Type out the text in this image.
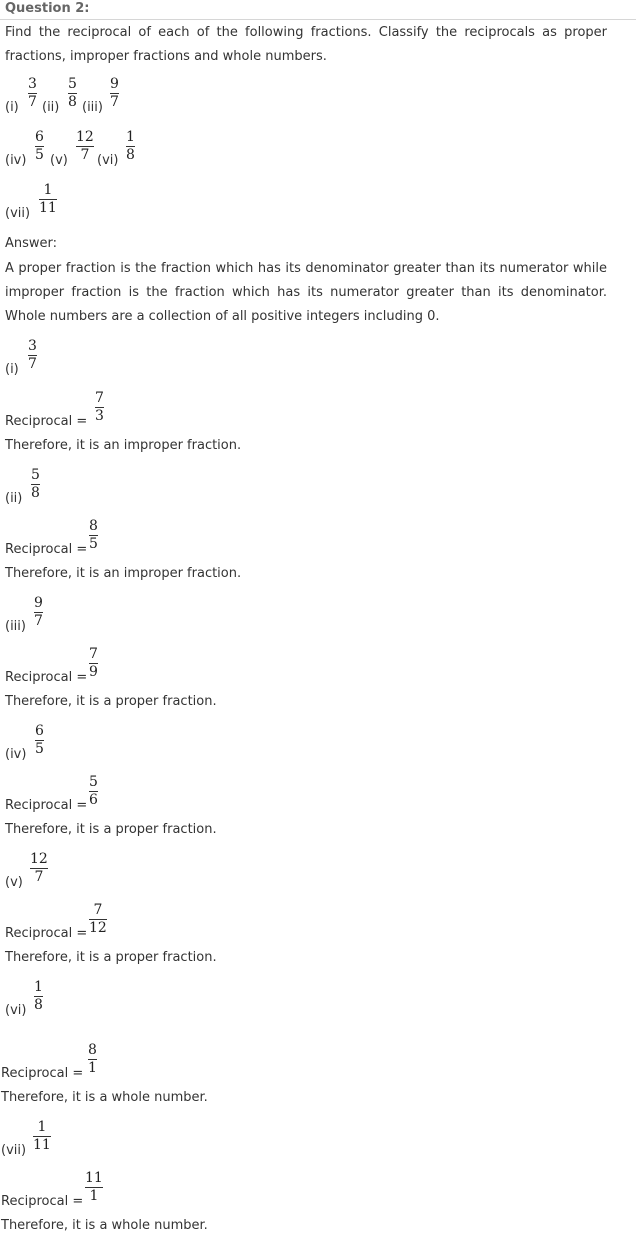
Question 2:
Find the reciprocal of each of the following fractions. Classify the reciprocals as proper fractions, improper fractions and whole numbers.
(i)
3
7 (ii)
5
8 (iii)
9
7
(iv)
6
5 (v)
12
7 (vi)
1
8
(vii)
1
11
Answer:
A proper fraction is the fraction which has its denominator greater than its numerator while improper fraction is the fraction which has its numerator greater than its denominator. Whole numbers are a collection of all positive integers including 0.
(i)
3
7
Reciprocal =
7
3
Therefore, it is an improper fraction.
(ii)
5
8
Reciprocal =
8
5
Therefore, it is an improper fraction.
(iii)
9
7
Reciprocal =
7
9
Therefore, it is a proper fraction.
(iv)
6
5
Reciprocal =
5
6
Therefore, it is a proper fraction.
(v)
12
7
Reciprocal =
7
12
Therefore, it is a proper fraction.
(vi)
1
8
Reciprocal =
8
1
Therefore, it is a whole number.
(vii)
1
11
Reciprocal =
11
1
Therefore, it is a whole number.
